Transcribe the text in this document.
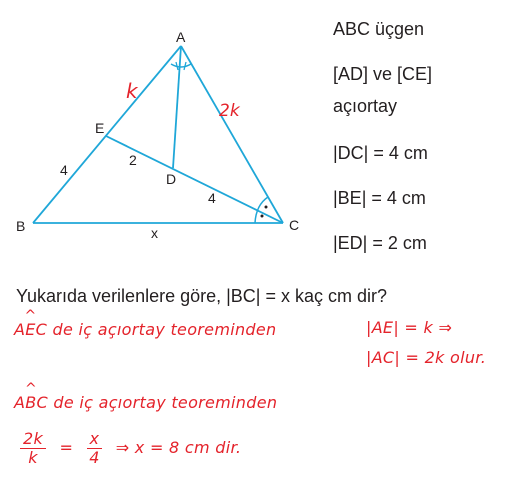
A
B	C
D
E
4
2
4
x
k
2k
ABC üçgen
[AD] ve [CE]
açıortay
|DC| = 4 cm
|BE| = 4 cm
|ED| = 2 cm
Yukarıda verilenlere göre, |BC| = x kaç cm dir?
^ AEC de iç açıortay teoreminden	|AE| = k ⇒
|AC| = 2k olur.
^ ABC de iç açıortay teoreminden
$\frac{2k}{k} = \frac{x}{4}$ ⇒ x = 8 cm dir.
